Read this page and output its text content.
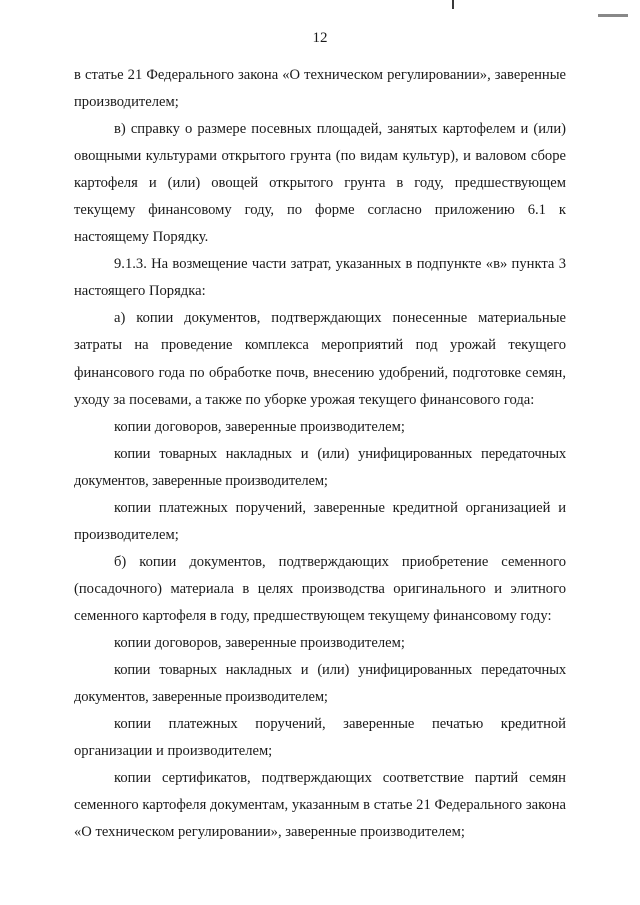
12

в статье 21 Федерального закона «О техническом регулировании», заверенные производителем;

в) справку о размере посевных площадей, занятых картофелем и (или) овощными культурами открытого грунта (по видам культур), и валовом сборе картофеля и (или) овощей открытого грунта в году, предшествующем текущему финансовому году, по форме согласно приложению 6.1 к настоящему Порядку.

9.1.3. На возмещение части затрат, указанных в подпункте «в» пункта 3 настоящего Порядка:

а) копии документов, подтверждающих понесенные материальные затраты на проведение комплекса мероприятий под урожай текущего финансового года по обработке почв, внесению удобрений, подготовке семян, уходу за посевами, а также по уборке урожая текущего финансового года:

копии договоров, заверенные производителем;

копии товарных накладных и (или) унифицированных передаточных документов, заверенные производителем;

копии платежных поручений, заверенные кредитной организацией и производителем;

б) копии документов, подтверждающих приобретение семенного (посадочного) материала в целях производства оригинального и элитного семенного картофеля в году, предшествующем текущему финансовому году:

копии договоров, заверенные производителем;

копии товарных накладных и (или) унифицированных передаточных документов, заверенные производителем;

копии платежных поручений, заверенные печатью кредитной организации и производителем;

копии сертификатов, подтверждающих соответствие партий семян семенного картофеля документам, указанным в статье 21 Федерального закона «О техническом регулировании», заверенные производителем;
